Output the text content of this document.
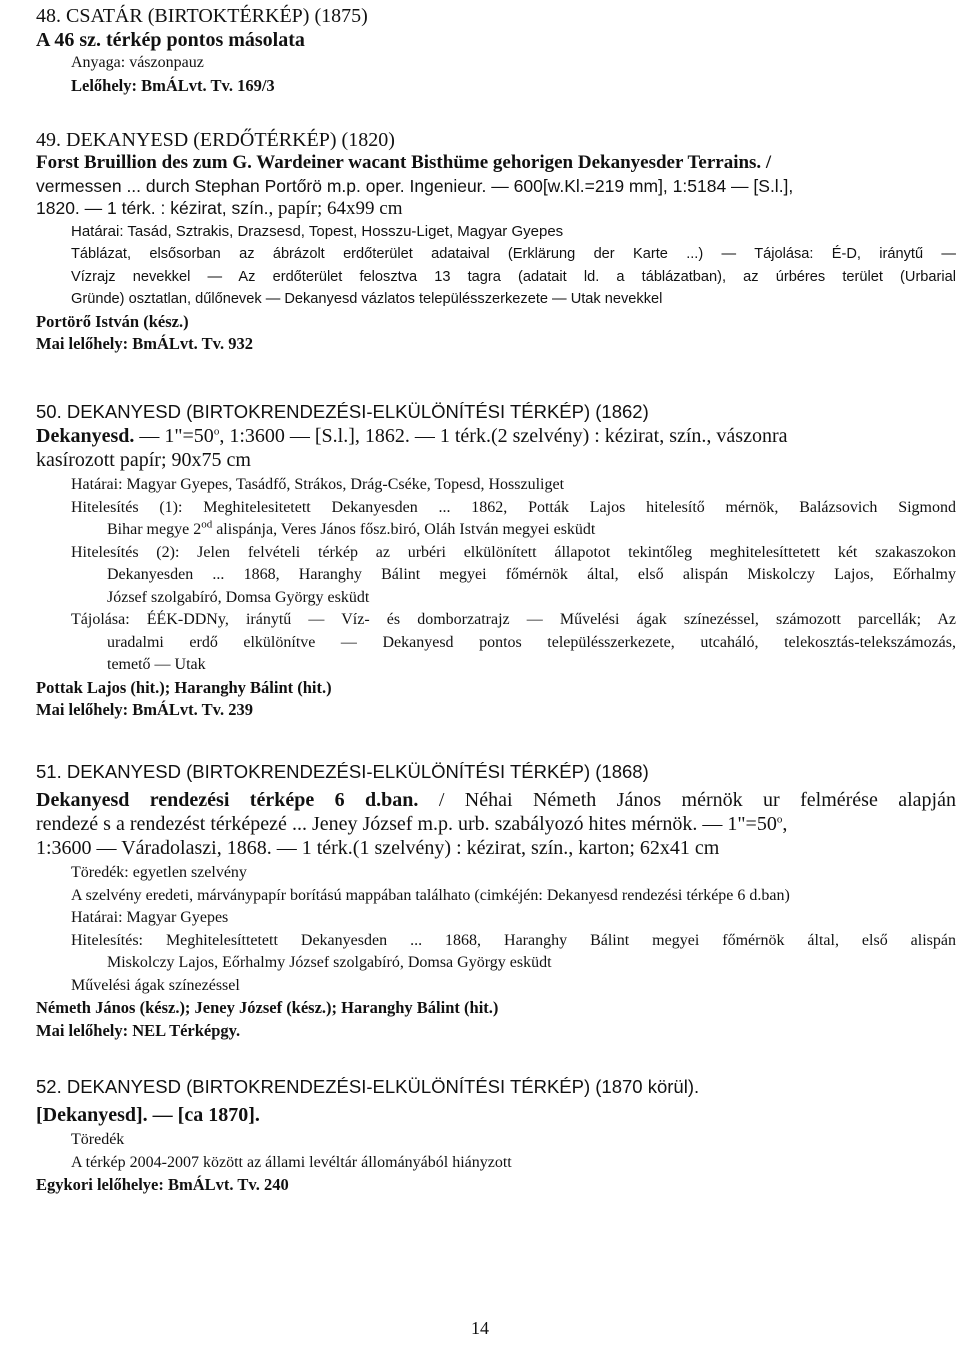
48. CSATÁR (BIRTOKTÉRKÉP) (1875)
A 46 sz. térkép pontos másolata
Anyaga: vászonpauz
Lelőhely: BmÁLvt. Tv. 169/3
49. DEKANYESD (ERDŐTÉRKÉP) (1820)
Forst Bruillion des zum G. Wardeiner wacant Bisthüme gehorigen Dekanyesder Terrains. /
vermessen ... durch Stephan Portőrö m.p. oper. Ingenieur. ― 600[w.Kl.=219 mm], 1:5184 ― [S.l.],
1820. ― 1 térk. : kézirat, szín., papír; 64x99 cm
Határai: Tasád, Sztrakis, Drazsesd, Topest, Hosszu-Liget, Magyar Gyepes
Táblázat, elsősorban az ábrázolt erdőterület adataival (Erklärung der Karte ...) ― Tájolása: É-D, iránytű ―
Vízrajz nevekkel ― Az erdőterület felosztva 13 tagra (adatait ld. a táblázatban), az úrbéres terület (Urbarial
Gründe) osztatlan, dűlőnevek ― Dekanyesd vázlatos településszerkezete ― Utak nevekkel
Portörő István (kész.)
Mai lelőhely: BmÁLvt. Tv. 932
50. DEKANYESD (BIRTOKRENDEZÉSI-ELKÜLÖNÍTÉSI TÉRKÉP) (1862)
Dekanyesd. ― $1"=50^o$, 1:3600 ― [S.l.], 1862. ― 1 térk.(2 szelvény) : kézirat, szín., vászonra
kasírozott papír; 90x75 cm
Határai: Magyar Gyepes, Tasádfő, Strákos, Drág-Cséke, Topesd, Hosszuliget
Hitelesítés (1): Meghitelesitetett Dekanyesden ... 1862, Pották Lajos hitelesítő mérnök, Balázsovich Sigmond
Bihar megye $2^{od}$ alispánja, Veres János fősz.biró, Oláh István megyei esküdt
Hitelesítés (2): Jelen felvételi térkép az urbéri elkülönített állapotot tekintőleg meghitelesíttetett két szakaszokon
Dekanyesden ... 1868, Haranghy Bálint megyei főmérnök által, első alispán Miskolczy Lajos, Eőrhalmy
József szolgabíró, Domsa György esküdt
Tájolása: ÉÉK-DDNy, iránytű ― Víz- és domborzatrajz ― Művelési ágak színezéssel, számozott parcellák; Az
uradalmi erdő elkülönítve ― Dekanyesd pontos településszerkezete, utcaháló, telekosztás-telekszámozás,
temető ― Utak
Pottak Lajos (hit.); Haranghy Bálint (hit.)
Mai lelőhely: BmÁLvt. Tv. 239
51. DEKANYESD (BIRTOKRENDEZÉSI-ELKÜLÖNÍTÉSI TÉRKÉP) (1868)
Dekanyesd rendezési térképe 6 d.ban. / Néhai Németh János mérnök ur felmérése alapján
rendezé s a rendezést térképezé ... Jeney József m.p. urb. szabályozó hites mérnök. ― $1"=50^o$,
1:3600 ― Váradolaszi, 1868. ― 1 térk.(1 szelvény) : kézirat, szín., karton; 62x41 cm
Töredék: egyetlen szelvény
A szelvény eredeti, márványpapír borítású mappában találhato (cimkéjén: Dekanyesd rendezési térképe 6 d.ban)
Határai: Magyar Gyepes
Hitelesítés: Meghitelesíttetett Dekanyesden ... 1868, Haranghy Bálint megyei főmérnök által, első alispán
Miskolczy Lajos, Eőrhalmy József szolgabíró, Domsa György esküdt
Művelési ágak színezéssel
Németh János (kész.); Jeney József (kész.); Haranghy Bálint (hit.)
Mai lelőhely: NEL Térképgy.
52. DEKANYESD (BIRTOKRENDEZÉSI-ELKÜLÖNÍTÉSI TÉRKÉP) (1870 körül).
[Dekanyesd]. ― [ca 1870].
Töredék
A térkép 2004-2007 között az állami levéltár állományából hiányzott
Egykori lelőhelye: BmÁLvt. Tv. 240
14
